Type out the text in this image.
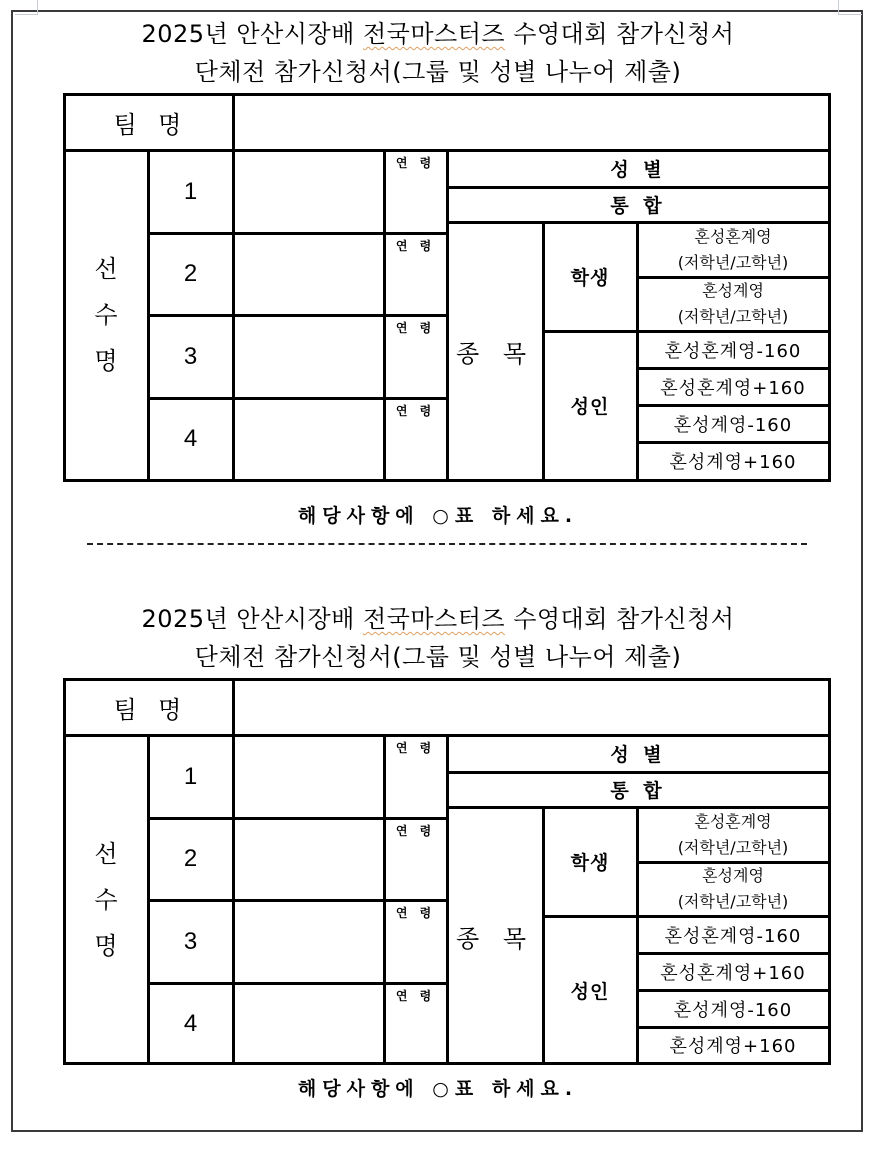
2025년 안산시장배 전국마스터즈 수영대회 참가신청서
단체전 참가신청서(그룹 및 성별 나누어 제출)
팀  명
선
수
명
1
연 령
2
연 령
3
연 령
4
연 령
성 별
통 합
종 목
학생
혼성혼계영
(저학년/고학년)
혼성계영
(저학년/고학년)
성인
혼성혼계영-160
혼성혼계영+160
혼성계영-160
혼성계영+160
해당사항에 ○표 하세요.
2025년 안산시장배 전국마스터즈 수영대회 참가신청서
단체전 참가신청서(그룹 및 성별 나누어 제출)
팀  명
선
수
명
1
연 령
2
연 령
3
연 령
4
연 령
성 별
통 합
종 목
학생
혼성혼계영
(저학년/고학년)
혼성계영
(저학년/고학년)
성인
혼성혼계영-160
혼성혼계영+160
혼성계영-160
혼성계영+160
해당사항에 ○표 하세요.
